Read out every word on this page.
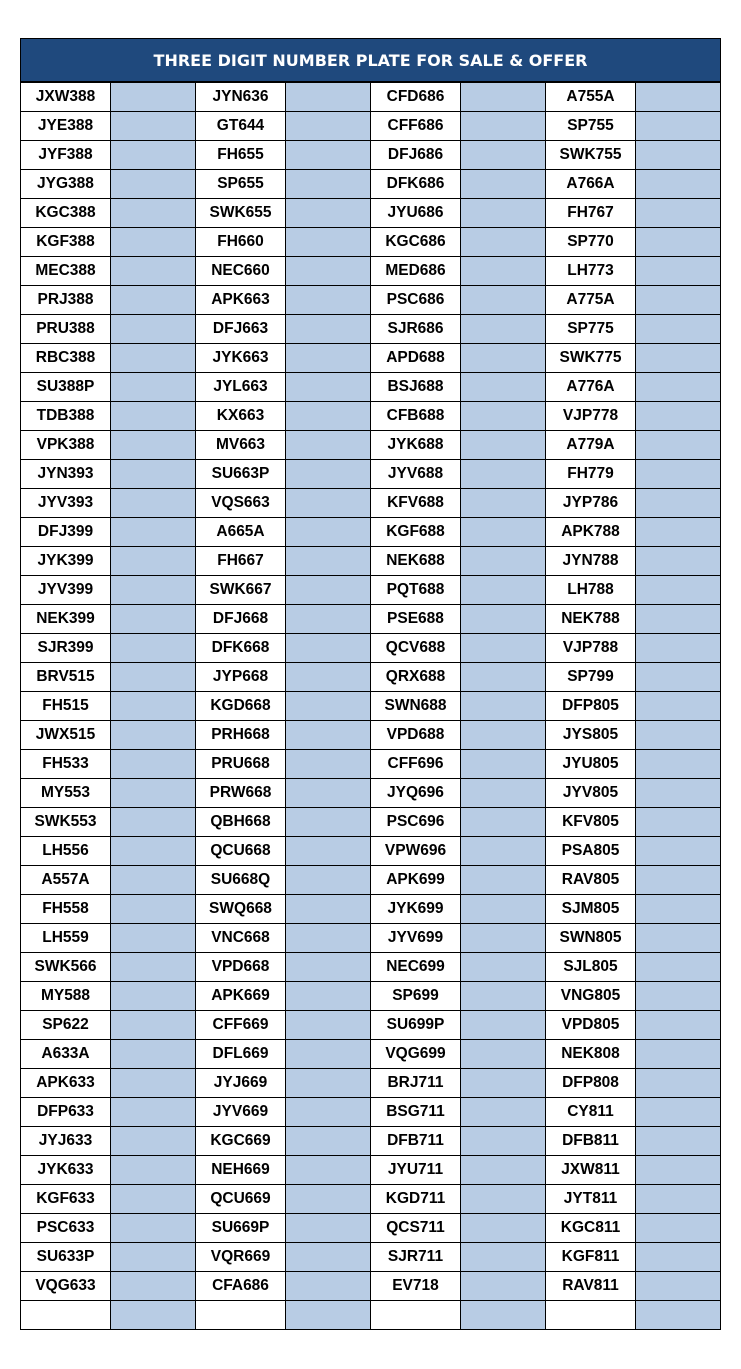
THREE DIGIT NUMBER PLATE FOR SALE & OFFER
JXW388		JYN636		CFD686		A755A	
JYE388		GT644		CFF686		SP755	
JYF388		FH655		DFJ686		SWK755	
JYG388		SP655		DFK686		A766A	
KGC388		SWK655		JYU686		FH767	
KGF388		FH660		KGC686		SP770	
MEC388		NEC660		MED686		LH773	
PRJ388		APK663		PSC686		A775A	
PRU388		DFJ663		SJR686		SP775	
RBC388		JYK663		APD688		SWK775	
SU388P		JYL663		BSJ688		A776A	
TDB388		KX663		CFB688		VJP778	
VPK388		MV663		JYK688		A779A	
JYN393		SU663P		JYV688		FH779	
JYV393		VQS663		KFV688		JYP786	
DFJ399		A665A		KGF688		APK788	
JYK399		FH667		NEK688		JYN788	
JYV399		SWK667		PQT688		LH788	
NEK399		DFJ668		PSE688		NEK788	
SJR399		DFK668		QCV688		VJP788	
BRV515		JYP668		QRX688		SP799	
FH515		KGD668		SWN688		DFP805	
JWX515		PRH668		VPD688		JYS805	
FH533		PRU668		CFF696		JYU805	
MY553		PRW668		JYQ696		JYV805	
SWK553		QBH668		PSC696		KFV805	
LH556		QCU668		VPW696		PSA805	
A557A		SU668Q		APK699		RAV805	
FH558		SWQ668		JYK699		SJM805	
LH559		VNC668		JYV699		SWN805	
SWK566		VPD668		NEC699		SJL805	
MY588		APK669		SP699		VNG805	
SP622		CFF669		SU699P		VPD805	
A633A		DFL669		VQG699		NEK808	
APK633		JYJ669		BRJ711		DFP808	
DFP633		JYV669		BSG711		CY811	
JYJ633		KGC669		DFB711		DFB811	
JYK633		NEH669		JYU711		JXW811	
KGF633		QCU669		KGD711		JYT811	
PSC633		SU669P		QCS711		KGC811	
SU633P		VQR669		SJR711		KGF811	
VQG633		CFA686		EV718		RAV811	
